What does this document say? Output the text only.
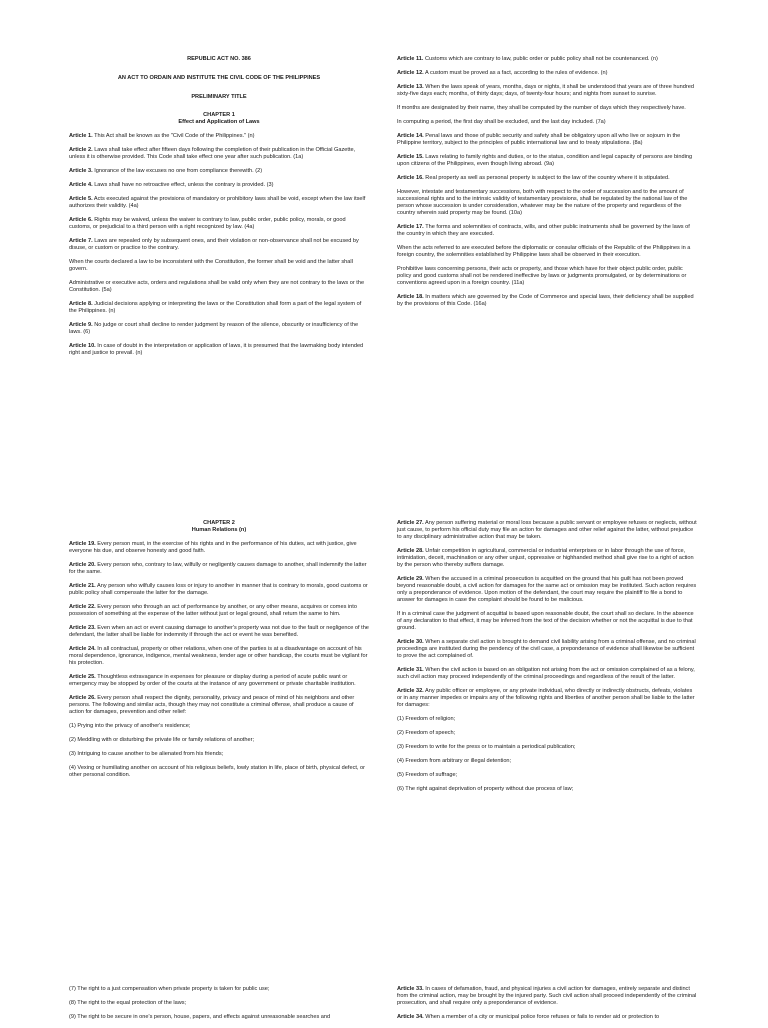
REPUBLIC ACT NO. 386
AN ACT TO ORDAIN AND INSTITUTE THE CIVIL CODE OF THE PHILIPPINES
PRELIMINARY TITLE
CHAPTER 1
Effect and Application of Laws
Article 1. This Act shall be known as the "Civil Code of the Philippines." (n)
Article 2. Laws shall take effect after fifteen days following the completion of their publication in the Official Gazette, unless it is otherwise provided. This Code shall take effect one year after such publication. (1a)
Article 3. Ignorance of the law excuses no one from compliance therewith. (2)
Article 4. Laws shall have no retroactive effect, unless the contrary is provided. (3)
Article 5. Acts executed against the provisions of mandatory or prohibitory laws shall be void, except when the law itself authorizes their validity. (4a)
Article 6. Rights may be waived, unless the waiver is contrary to law, public order, public policy, morals, or good customs, or prejudicial to a third person with a right recognized by law. (4a)
Article 7. Laws are repealed only by subsequent ones, and their violation or non-observance shall not be excused by disuse, or custom or practice to the contrary.
When the courts declared a law to be inconsistent with the Constitution, the former shall be void and the latter shall govern.
Administrative or executive acts, orders and regulations shall be valid only when they are not contrary to the laws or the Constitution. (5a)
Article 8. Judicial decisions applying or interpreting the laws or the Constitution shall form a part of the legal system of the Philippines. (n)
Article 9. No judge or court shall decline to render judgment by reason of the silence, obscurity or insufficiency of the laws. (6)
Article 10. In case of doubt in the interpretation or application of laws, it is presumed that the lawmaking body intended right and justice to prevail. (n)
Article 11. Customs which are contrary to law, public order or public policy shall not be countenanced. (n)
Article 12. A custom must be proved as a fact, according to the rules of evidence. (n)
Article 13. When the laws speak of years, months, days or nights, it shall be understood that years are of three hundred sixty-five days each; months, of thirty days; days, of twenty-four hours; and nights from sunset to sunrise.
If months are designated by their name, they shall be computed by the number of days which they respectively have.
In computing a period, the first day shall be excluded, and the last day included. (7a)
Article 14. Penal laws and those of public security and safety shall be obligatory upon all who live or sojourn in the Philippine territory, subject to the principles of public international law and to treaty stipulations. (8a)
Article 15. Laws relating to family rights and duties, or to the status, condition and legal capacity of persons are binding upon citizens of the Philippines, even though living abroad. (9a)
Article 16. Real property as well as personal property is subject to the law of the country where it is stipulated.
However, intestate and testamentary successions, both with respect to the order of succession and to the amount of successional rights and to the intrinsic validity of testamentary provisions, shall be regulated by the national law of the person whose succession is under consideration, whatever may be the nature of the property and regardless of the country wherein said property may be found. (10a)
Article 17. The forms and solemnities of contracts, wills, and other public instruments shall be governed by the laws of the country in which they are executed.
When the acts referred to are executed before the diplomatic or consular officials of the Republic of the Philippines in a foreign country, the solemnities established by Philippine laws shall be observed in their execution.
Prohibitive laws concerning persons, their acts or property, and those which have for their object public order, public policy and good customs shall not be rendered ineffective by laws or judgments promulgated, or by determinations or conventions agreed upon in a foreign country. (11a)
Article 18. In matters which are governed by the Code of Commerce and special laws, their deficiency shall be supplied by the provisions of this Code. (16a)
CHAPTER 2
Human Relations (n)
Article 19. Every person must, in the exercise of his rights and in the performance of his duties, act with justice, give everyone his due, and observe honesty and good faith.
Article 20. Every person who, contrary to law, wilfully or negligently causes damage to another, shall indemnify the latter for the same.
Article 21. Any person who wilfully causes loss or injury to another in manner that is contrary to morals, good customs or public policy shall compensate the latter for the damage.
Article 22. Every person who through an act of performance by another, or any other means, acquires or comes into possession of something at the expense of the latter without just or legal ground, shall return the same to him.
Article 23. Even when an act or event causing damage to another's property was not due to the fault or negligence of the defendant, the latter shall be liable for indemnity if through the act or event he was benefited.
Article 24. In all contractual, property or other relations, when one of the parties is at a disadvantage on account of his moral dependence, ignorance, indigence, mental weakness, tender age or other handicap, the courts must be vigilant for his protection.
Article 25. Thoughtless extravagance in expenses for pleasure or display during a period of acute public want or emergency may be stopped by order of the courts at the instance of any government or private charitable institution.
Article 26. Every person shall respect the dignity, personality, privacy and peace of mind of his neighbors and other persons. The following and similar acts, though they may not constitute a criminal offense, shall produce a cause of action for damages, prevention and other relief:
(1) Prying into the privacy of another's residence;
(2) Meddling with or disturbing the private life or family relations of another;
(3) Intriguing to cause another to be alienated from his friends;
(4) Vexing or humiliating another on account of his religious beliefs, lowly station in life, place of birth, physical defect, or other personal condition.
Article 27. Any person suffering material or moral loss because a public servant or employee refuses or neglects, without just cause, to perform his official duty may file an action for damages and other relief against the latter, without prejudice to any disciplinary administrative action that may be taken.
Article 28. Unfair competition in agricultural, commercial or industrial enterprises or in labor through the use of force, intimidation, deceit, machination or any other unjust, oppressive or highhanded method shall give rise to a right of action by the person who thereby suffers damage.
Article 29. When the accused in a criminal prosecution is acquitted on the ground that his guilt has not been proved beyond reasonable doubt, a civil action for damages for the same act or omission may be instituted. Such action requires only a preponderance of evidence. Upon motion of the defendant, the court may require the plaintiff to file a bond to answer for damages in case the complaint should be found to be malicious.
If in a criminal case the judgment of acquittal is based upon reasonable doubt, the court shall so declare. In the absence of any declaration to that effect, it may be inferred from the text of the decision whether or not the acquittal is due to that ground.
Article 30. When a separate civil action is brought to demand civil liability arising from a criminal offense, and no criminal proceedings are instituted during the pendency of the civil case, a preponderance of evidence shall likewise be sufficient to prove the act complained of.
Article 31. When the civil action is based on an obligation not arising from the act or omission complained of as a felony, such civil action may proceed independently of the criminal proceedings and regardless of the result of the latter.
Article 32. Any public officer or employee, or any private individual, who directly or indirectly obstructs, defeats, violates or in any manner impedes or impairs any of the following rights and liberties of another person shall be liable to the latter for damages:
(1) Freedom of religion;
(2) Freedom of speech;
(3) Freedom to write for the press or to maintain a periodical publication;
(4) Freedom from arbitrary or illegal detention;
(5) Freedom of suffrage;
(6) The right against deprivation of property without due process of law;
(7) The right to a just compensation when private property is taken for public use;
(8) The right to the equal protection of the laws;
(9) The right to be secure in one's person, house, papers, and effects against unreasonable searches and
Article 33. In cases of defamation, fraud, and physical injuries a civil action for damages, entirely separate and distinct from the criminal action, may be brought by the injured party. Such civil action shall proceed independently of the criminal prosecution, and shall require only a preponderance of evidence.
Article 34. When a member of a city or municipal police force refuses or fails to render aid or protection to
